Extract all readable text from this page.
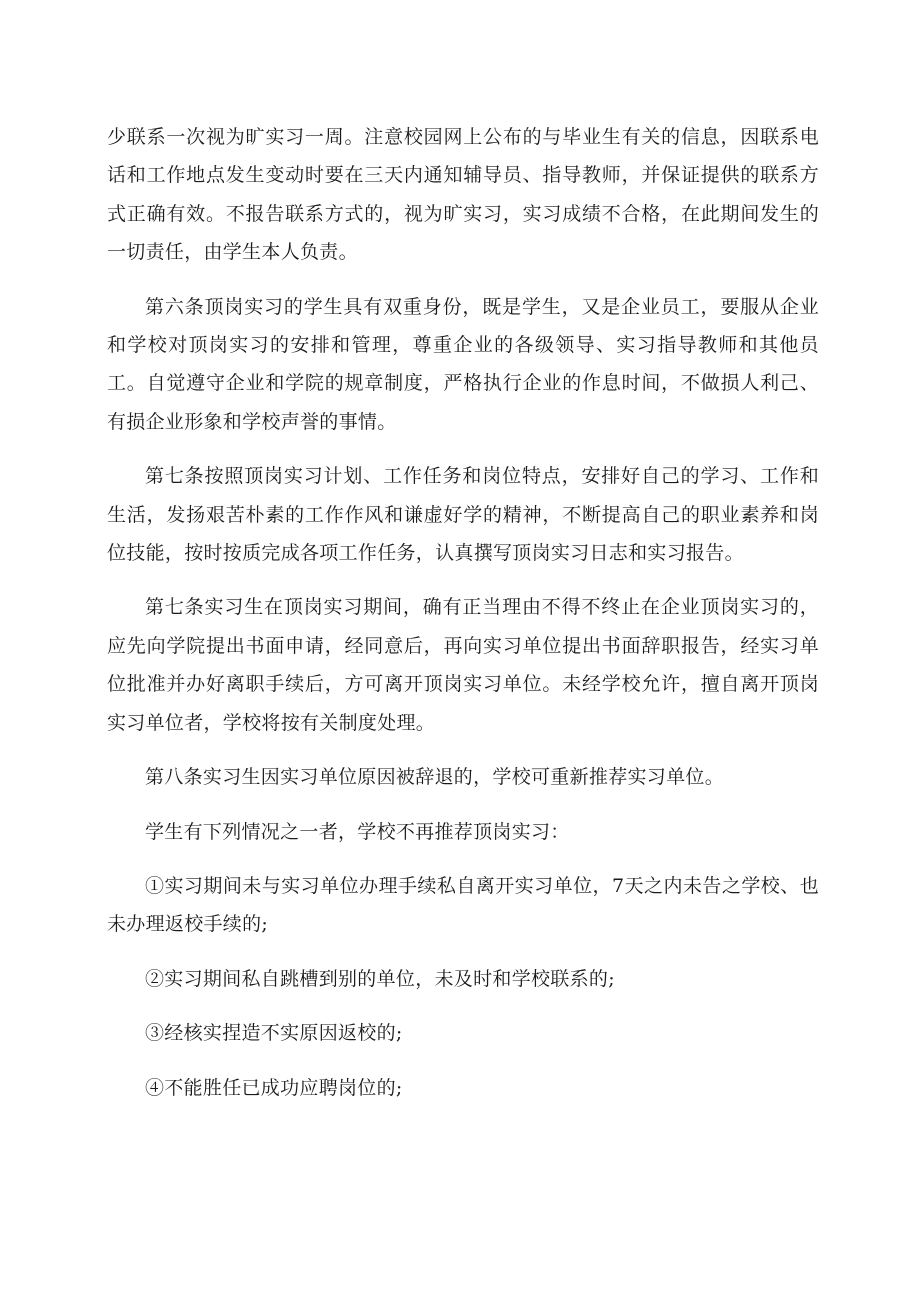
少联系一次视为旷实习一周。注意校园网上公布的与毕业生有关的信息，因联系电话和工作地点发生变动时要在三天内通知辅导员、指导教师，并保证提供的联系方式正确有效。不报告联系方式的，视为旷实习，实习成绩不合格，在此期间发生的一切责任，由学生本人负责。

第六条顶岗实习的学生具有双重身份，既是学生，又是企业员工，要服从企业和学校对顶岗实习的安排和管理，尊重企业的各级领导、实习指导教师和其他员工。自觉遵守企业和学院的规章制度，严格执行企业的作息时间，不做损人利己、有损企业形象和学校声誉的事情。

第七条按照顶岗实习计划、工作任务和岗位特点，安排好自己的学习、工作和生活，发扬艰苦朴素的工作作风和谦虚好学的精神，不断提高自己的职业素养和岗位技能，按时按质完成各项工作任务，认真撰写顶岗实习日志和实习报告。

第七条实习生在顶岗实习期间，确有正当理由不得不终止在企业顶岗实习的，应先向学院提出书面申请，经同意后，再向实习单位提出书面辞职报告，经实习单位批准并办好离职手续后，方可离开顶岗实习单位。未经学校允许，擅自离开顶岗实习单位者，学校将按有关制度处理。

第八条实习生因实习单位原因被辞退的，学校可重新推荐实习单位。

学生有下列情况之一者，学校不再推荐顶岗实习：

①实习期间未与实习单位办理手续私自离开实习单位，7天之内未告之学校、也未办理返校手续的;

②实习期间私自跳槽到别的单位，未及时和学校联系的;

③经核实捏造不实原因返校的;

④不能胜任已成功应聘岗位的;
